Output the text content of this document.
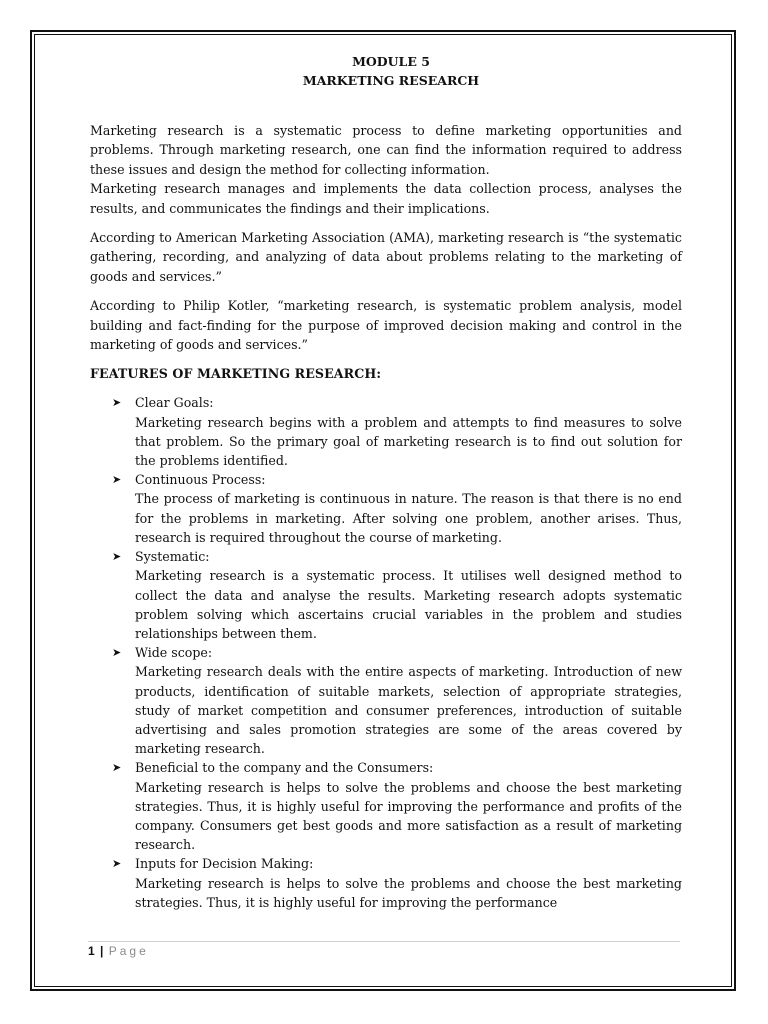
MODULE 5

MARKETING RESEARCH

Marketing research is a systematic process to define marketing opportunities and problems. Through marketing research, one can find the information required to address these issues and design the method for collecting information.

Marketing research manages and implements the data collection process, analyses the results, and communicates the findings and their implications.

According to American Marketing Association (AMA), marketing research is “the systematic gathering, recording, and analyzing of data about problems relating to the marketing of goods and services.”

According to Philip Kotler, “marketing research, is systematic problem analysis, model building and fact-finding for the purpose of improved decision making and control in the marketing of goods and services.”

FEATURES OF MARKETING RESEARCH:
➤ Clear Goals:
Marketing research begins with a problem and attempts to find measures to solve that problem. So the primary goal of marketing research is to find out solution for the problems identified.
➤ Continuous Process:
The process of marketing is continuous in nature. The reason is that there is no end for the problems in marketing. After solving one problem, another arises. Thus, research is required throughout the course of marketing.
➤ Systematic:
Marketing research is a systematic process. It utilises well designed method to collect the data and analyse the results. Marketing research adopts systematic problem solving which ascertains crucial variables in the problem and studies relationships between them.
➤ Wide scope:
Marketing research deals with the entire aspects of marketing. Introduction of new products, identification of suitable markets, selection of appropriate strategies, study of market competition and consumer preferences, introduction of suitable advertising and sales promotion strategies are some of the areas covered by marketing research.
➤ Beneficial to the company and the Consumers:
Marketing research is helps to solve the problems and choose the best marketing strategies. Thus, it is highly useful for improving the performance and profits of the company. Consumers get best goods and more satisfaction as a result of marketing research.
➤ Inputs for Decision Making:
Marketing research is helps to solve the problems and choose the best marketing strategies. Thus, it is highly useful for improving the performance
1 | Page
